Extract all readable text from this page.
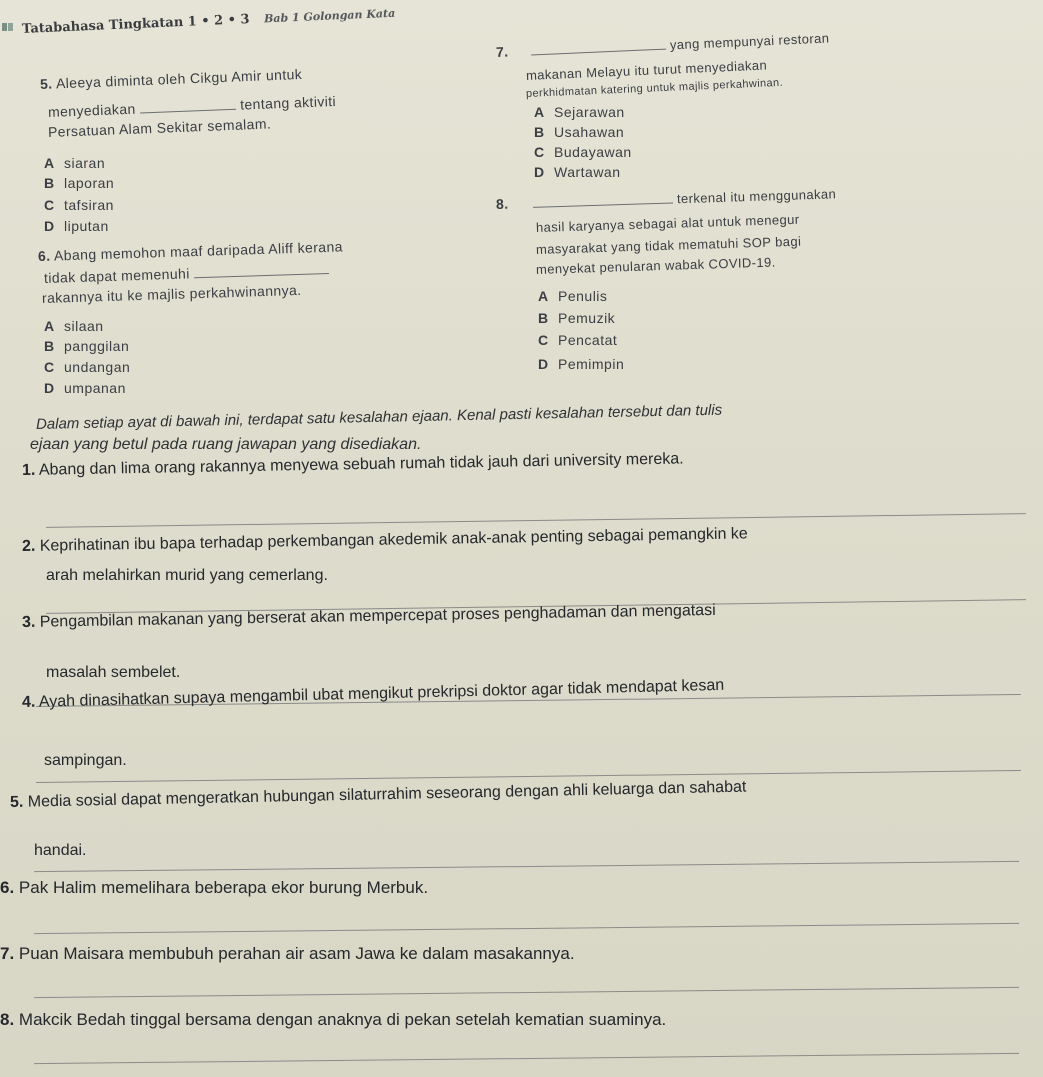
Tatabahasa Tingkatan 1 • 2 • 3 Bab 1 Golongan Kata
5. Aleeya diminta oleh Cikgu Amir untuk
menyediakan	tentang aktiviti
Persatuan Alam Sekitar semalam.
A siaran
B laporan
C tafsiran
D liputan
6. Abang memohon maaf daripada Aliff kerana
tidak dapat memenuhi
rakannya itu ke majlis perkahwinannya.
A silaan
B panggilan
C undangan
D umpanan
7.	yang mempunyai restoran
makanan Melayu itu turut menyediakan
perkhidmatan katering untuk majlis perkahwinan.
A Sejarawan
B Usahawan
C Budayawan
D Wartawan
8.	terkenal itu menggunakan
hasil karyanya sebagai alat untuk menegur
masyarakat yang tidak mematuhi SOP bagi
menyekat penularan wabak COVID-19.
A Penulis
B Pemuzik
C Pencatat
D Pemimpin
Dalam setiap ayat di bawah ini, terdapat satu kesalahan ejaan. Kenal pasti kesalahan tersebut dan tulis
ejaan yang betul pada ruang jawapan yang disediakan.
1. Abang dan lima orang rakannya menyewa sebuah rumah tidak jauh dari university mereka.
2. Keprihatinan ibu bapa terhadap perkembangan akedemik anak-anak penting sebagai pemangkin ke
arah melahirkan murid yang cemerlang.
3. Pengambilan makanan yang berserat akan mempercepat proses penghadaman dan mengatasi
masalah sembelet.
4. Ayah dinasihatkan supaya mengambil ubat mengikut prekripsi doktor agar tidak mendapat kesan
sampingan.
5. Media sosial dapat mengeratkan hubungan silaturrahim seseorang dengan ahli keluarga dan sahabat
handai.
6. Pak Halim memelihara beberapa ekor burung Merbuk.
7. Puan Maisara membubuh perahan air asam Jawa ke dalam masakannya.
8. Makcik Bedah tinggal bersama dengan anaknya di pekan setelah kematian suaminya.
